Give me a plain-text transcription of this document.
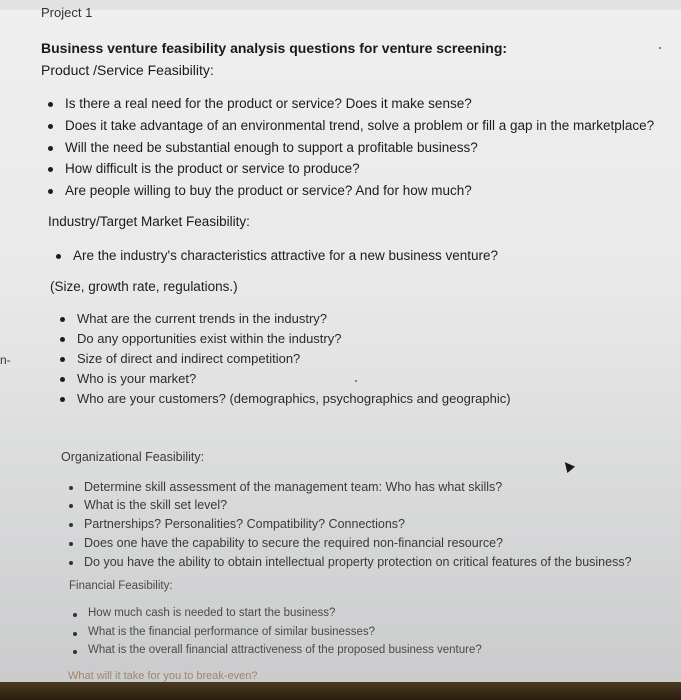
Project 1
Business venture feasibility analysis questions for venture screening:
Product /Service Feasibility:
Is there a real need for the product or service? Does it make sense?
Does it take advantage of an environmental trend, solve a problem or fill a gap in the marketplace?
Will the need be substantial enough to support a profitable business?
How difficult is the product or service to produce?
Are people willing to buy the product or service? And for how much?
Industry/Target Market Feasibility:
Are the industry's characteristics attractive for a new business venture?
(Size, growth rate, regulations.)
What are the current trends in the industry?
Do any opportunities exist within the industry?
Size of direct and indirect competition?
Who is your market?
Who are your customers? (demographics, psychographics and geographic)
n-
Organizational Feasibility:
Determine skill assessment of the management team: Who has what skills?
What is the skill set level?
Partnerships? Personalities? Compatibility? Connections?
Does one have the capability to secure the required non-financial resource?
Do you have the ability to obtain intellectual property protection on critical features of the business?
Financial Feasibility:
How much cash is needed to start the business?
What is the financial performance of similar businesses?
What is the overall financial attractiveness of the proposed business venture?
What will it take for you to break-even?
